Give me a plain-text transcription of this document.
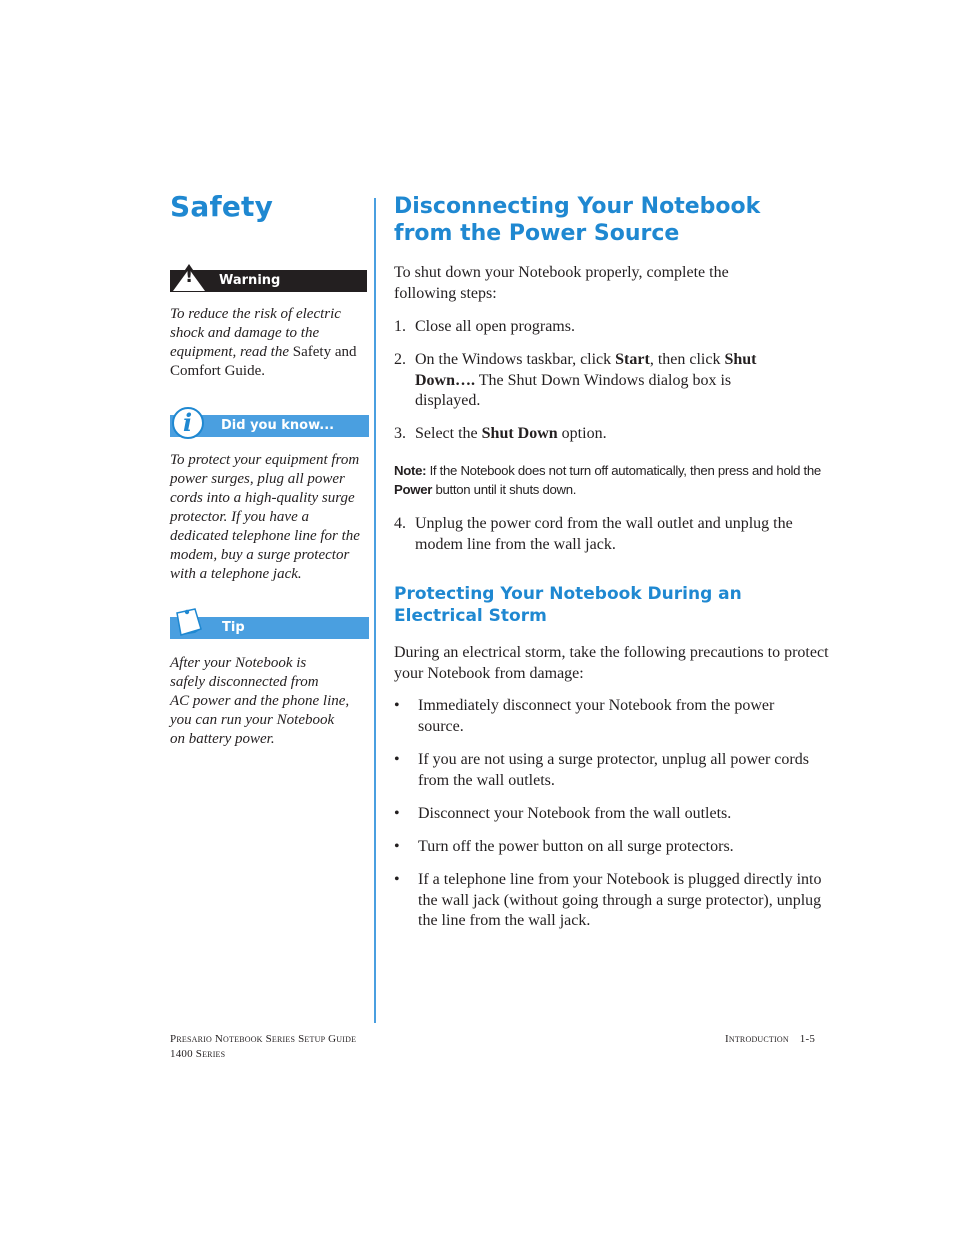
Safety
! Warning
To reduce the risk of electric shock and damage to the equipment, read the Safety and Comfort Guide.
i Did you know...
To protect your equipment from power surges, plug all power cords into a high-quality surge protector. If you have a dedicated telephone line for the modem, buy a surge protector with a telephone jack.
Tip
After your Notebook is
safely disconnected from
AC power and the phone line,
you can run your Notebook
on battery power.
Disconnecting Your Notebook
from the Power Source
To shut down your Notebook properly, complete the following steps:
1. Close all open programs.
2. On the Windows taskbar, click Start, then click Shut Down…. The Shut Down Windows dialog box is displayed.
3. Select the Shut Down option.
Note: If the Notebook does not turn off automatically, then press and hold the Power button until it shuts down.
4. Unplug the power cord from the wall outlet and unplug the modem line from the wall jack.
Protecting Your Notebook During an Electrical Storm
During an electrical storm, take the following precautions to protect your Notebook from damage:
• Immediately disconnect your Notebook from the power source.
• If you are not using a surge protector, unplug all power cords from the wall outlets.
• Disconnect your Notebook from the wall outlets.
• Turn off the power button on all surge protectors.
• If a telephone line from your Notebook is plugged directly into the wall jack (without going through a surge protector), unplug the line from the wall jack.
Presario Notebook Series Setup Guide
1400 Series
Introduction 1-5
